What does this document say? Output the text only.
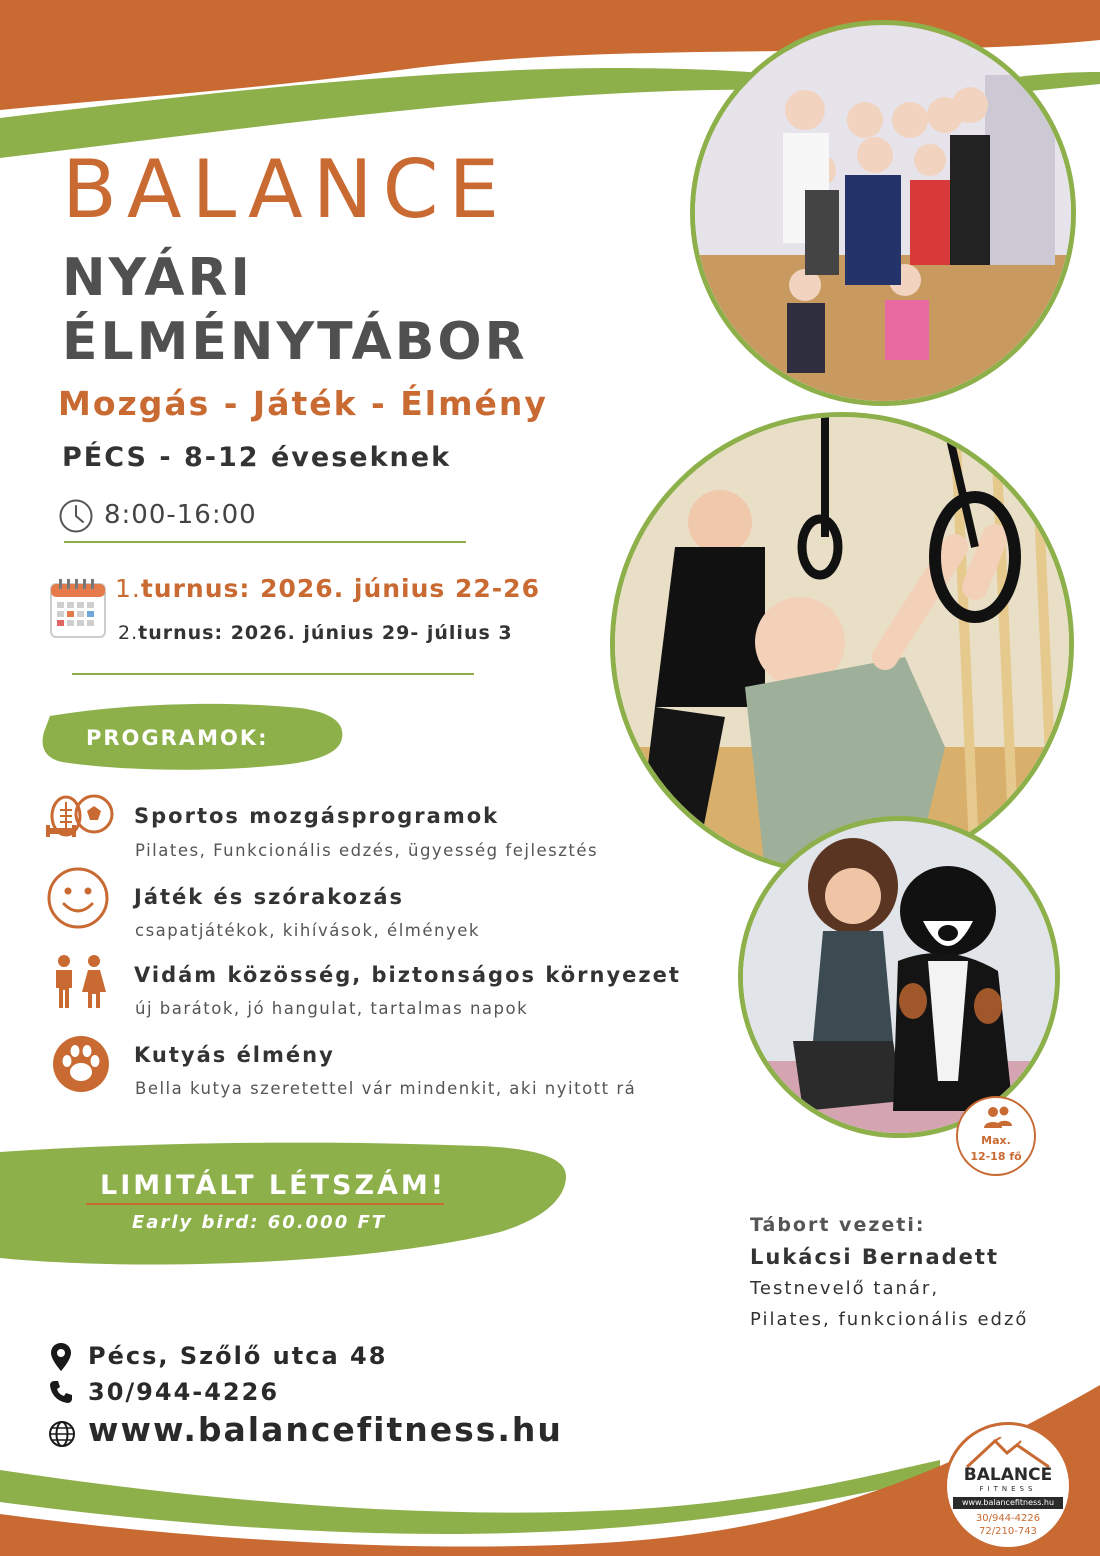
BALANCE
NYÁRI
ÉLMÉNYTÁBOR
Mozgás - Játék - Élmény
PÉCS - 8-12 éveseknek
8:00-16:00
1.turnus: 2026. június 22-26
2.turnus: 2026. június 29- július 3
PROGRAMOK:
Sportos mozgásprogramok
Pilates, Funkcionális edzés, ügyesség fejlesztés
Játék és szórakozás
csapatjátékok, kihívások, élmények
Vidám közösség, biztonságos környezet
új barátok, jó hangulat, tartalmas napok
Kutyás élmény
Bella kutya szeretettel vár mindenkit, aki nyitott rá
LIMITÁLT LÉTSZÁM!
Early bird: 60.000 FT
Pécs, Szőlő utca 48
30/944-4226
www.balancefitness.hu
Tábort vezeti:
Lukácsi Bernadett
Testnevelő tanár,
Pilates, funkcionális edző
Max.
12-18 fő
BALANCE
FITNESS
www.balancefitness.hu
30/944-4226
72/210-743
